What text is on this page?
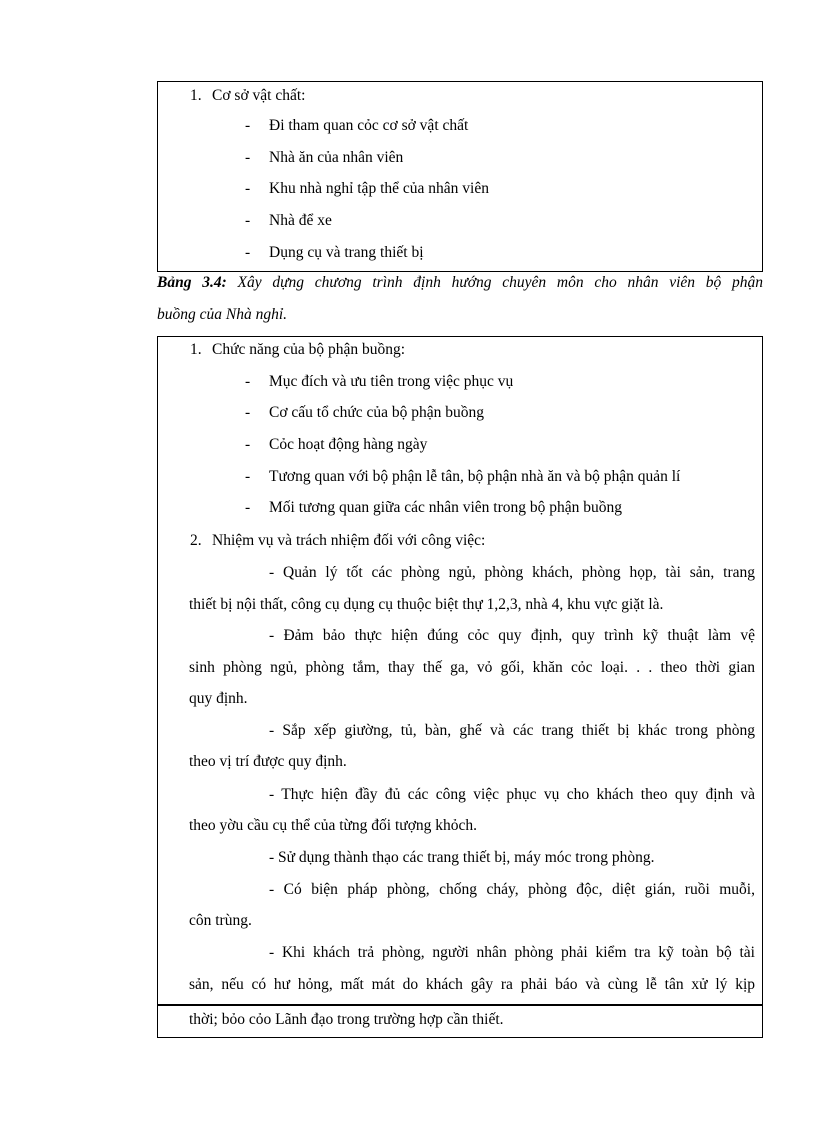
1. Cơ sở vật chất:
- Đi tham quan cỏc cơ sở vật chất
- Nhà ăn của nhân viên
- Khu nhà nghỉ tập thể của nhân viên
- Nhà để xe
- Dụng cụ và trang thiết bị
Bảng 3.4: Xây dựng chương trình định hướng chuyên môn cho nhân viên bộ phận
buồng của Nhà nghỉ.
1. Chức năng của bộ phận buồng:
- Mục đích và ưu tiên trong việc phục vụ
- Cơ cấu tổ chức của bộ phận buồng
- Cỏc hoạt động hàng ngày
- Tương quan với bộ phận lễ tân, bộ phận nhà ăn và bộ phận quản lí
- Mối tương quan giữa các nhân viên trong bộ phận buồng
2. Nhiệm vụ và trách nhiệm đối với công việc:
- Quản lý tốt các phòng ngủ, phòng khách, phòng họp, tài sản, trang
thiết bị nội thất, công cụ dụng cụ thuộc biệt thự 1,2,3, nhà 4, khu vực giặt là.
- Đảm bảo thực hiện đúng cỏc quy định, quy trình kỹ thuật làm vệ
sinh phòng ngủ, phòng tắm, thay thế ga, vỏ gối, khăn cỏc loại. . . theo thời gian
quy định.
- Sắp xếp giường, tủ, bàn, ghế và các trang thiết bị khác trong phòng
theo vị trí được quy định.
- Thực hiện đầy đủ các công việc phục vụ cho khách theo quy định và
theo yờu cầu cụ thể của từng đối tượng khỏch.
- Sử dụng thành thạo các trang thiết bị, máy móc trong phòng.
- Có biện pháp phòng, chống cháy, phòng độc, diệt gián, ruồi muỗi,
côn trùng.
- Khi khách trả phòng, người nhân phòng phải kiểm tra kỹ toàn bộ tài
sản, nếu có hư hỏng, mất mát do khách gây ra phải báo và cùng lễ tân xử lý kịp
thời; bỏo cỏo Lãnh đạo trong trường hợp cần thiết.
